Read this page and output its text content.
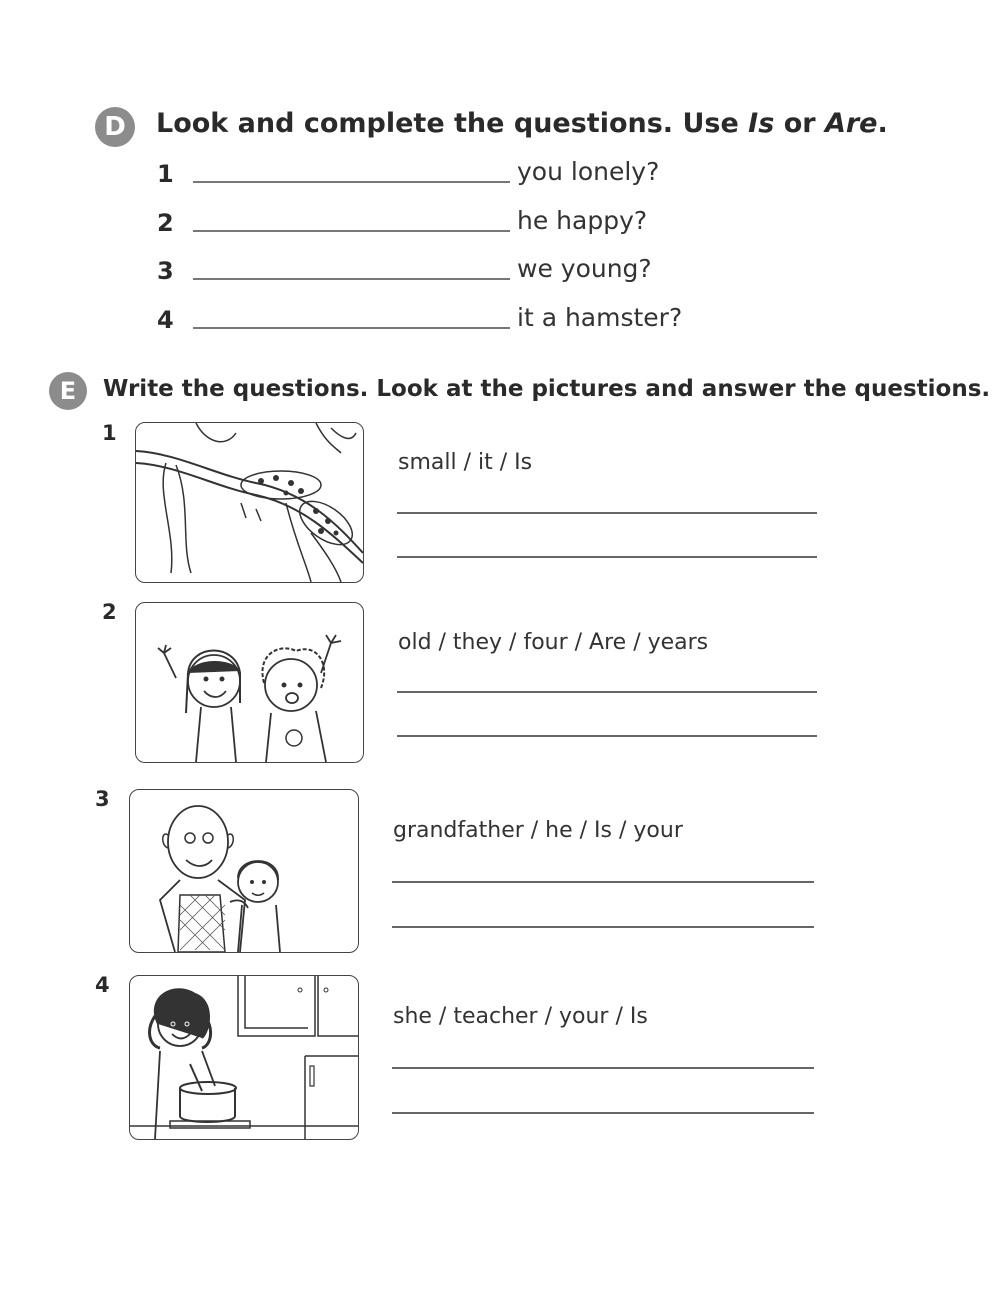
D Look and complete the questions. Use Is or Are.
1	you lonely?
2	he happy?
3	we young?
4	it a hamster?
E Write the questions. Look at the pictures and answer the questions.
1
small / it / Is
2
old / they / four / Are / years
3
grandfather / he / Is / your
4
she / teacher / your / Is
